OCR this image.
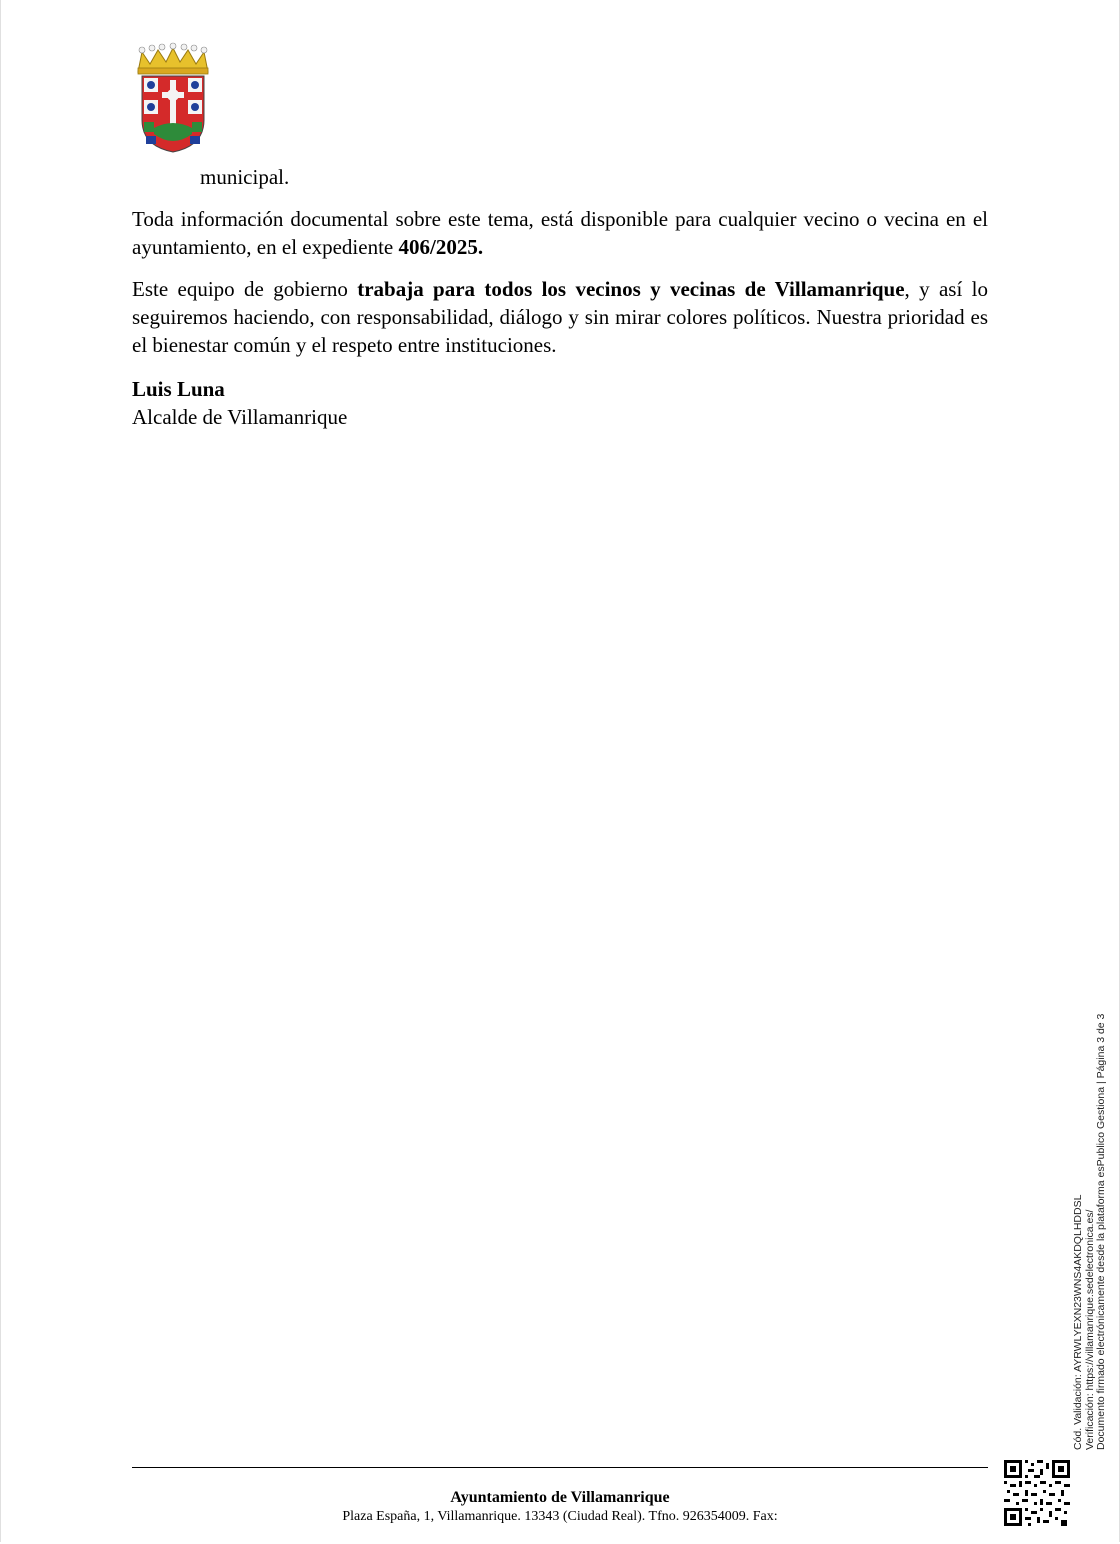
municipal.
Toda información documental sobre este tema, está disponible para cualquier vecino o vecina en el ayuntamiento, en el expediente 406/2025.
Este equipo de gobierno trabaja para todos los vecinos y vecinas de Villamanrique, y así lo seguiremos haciendo, con responsabilidad, diálogo y sin mirar colores políticos. Nuestra prioridad es el bienestar común y el respeto entre instituciones.
Luis Luna
Alcalde de Villamanrique
Cód. Validación: AYRWLYEXN23WNS4AKDQLHDDSL Verificación: https://villamanrique.sedelectronica.es/ Documento firmado electrónicamente desde la plataforma esPublico Gestiona | Página 3 de 3
Ayuntamiento de Villamanrique
Plaza España, 1, Villamanrique. 13343 (Ciudad Real). Tfno. 926354009. Fax:
